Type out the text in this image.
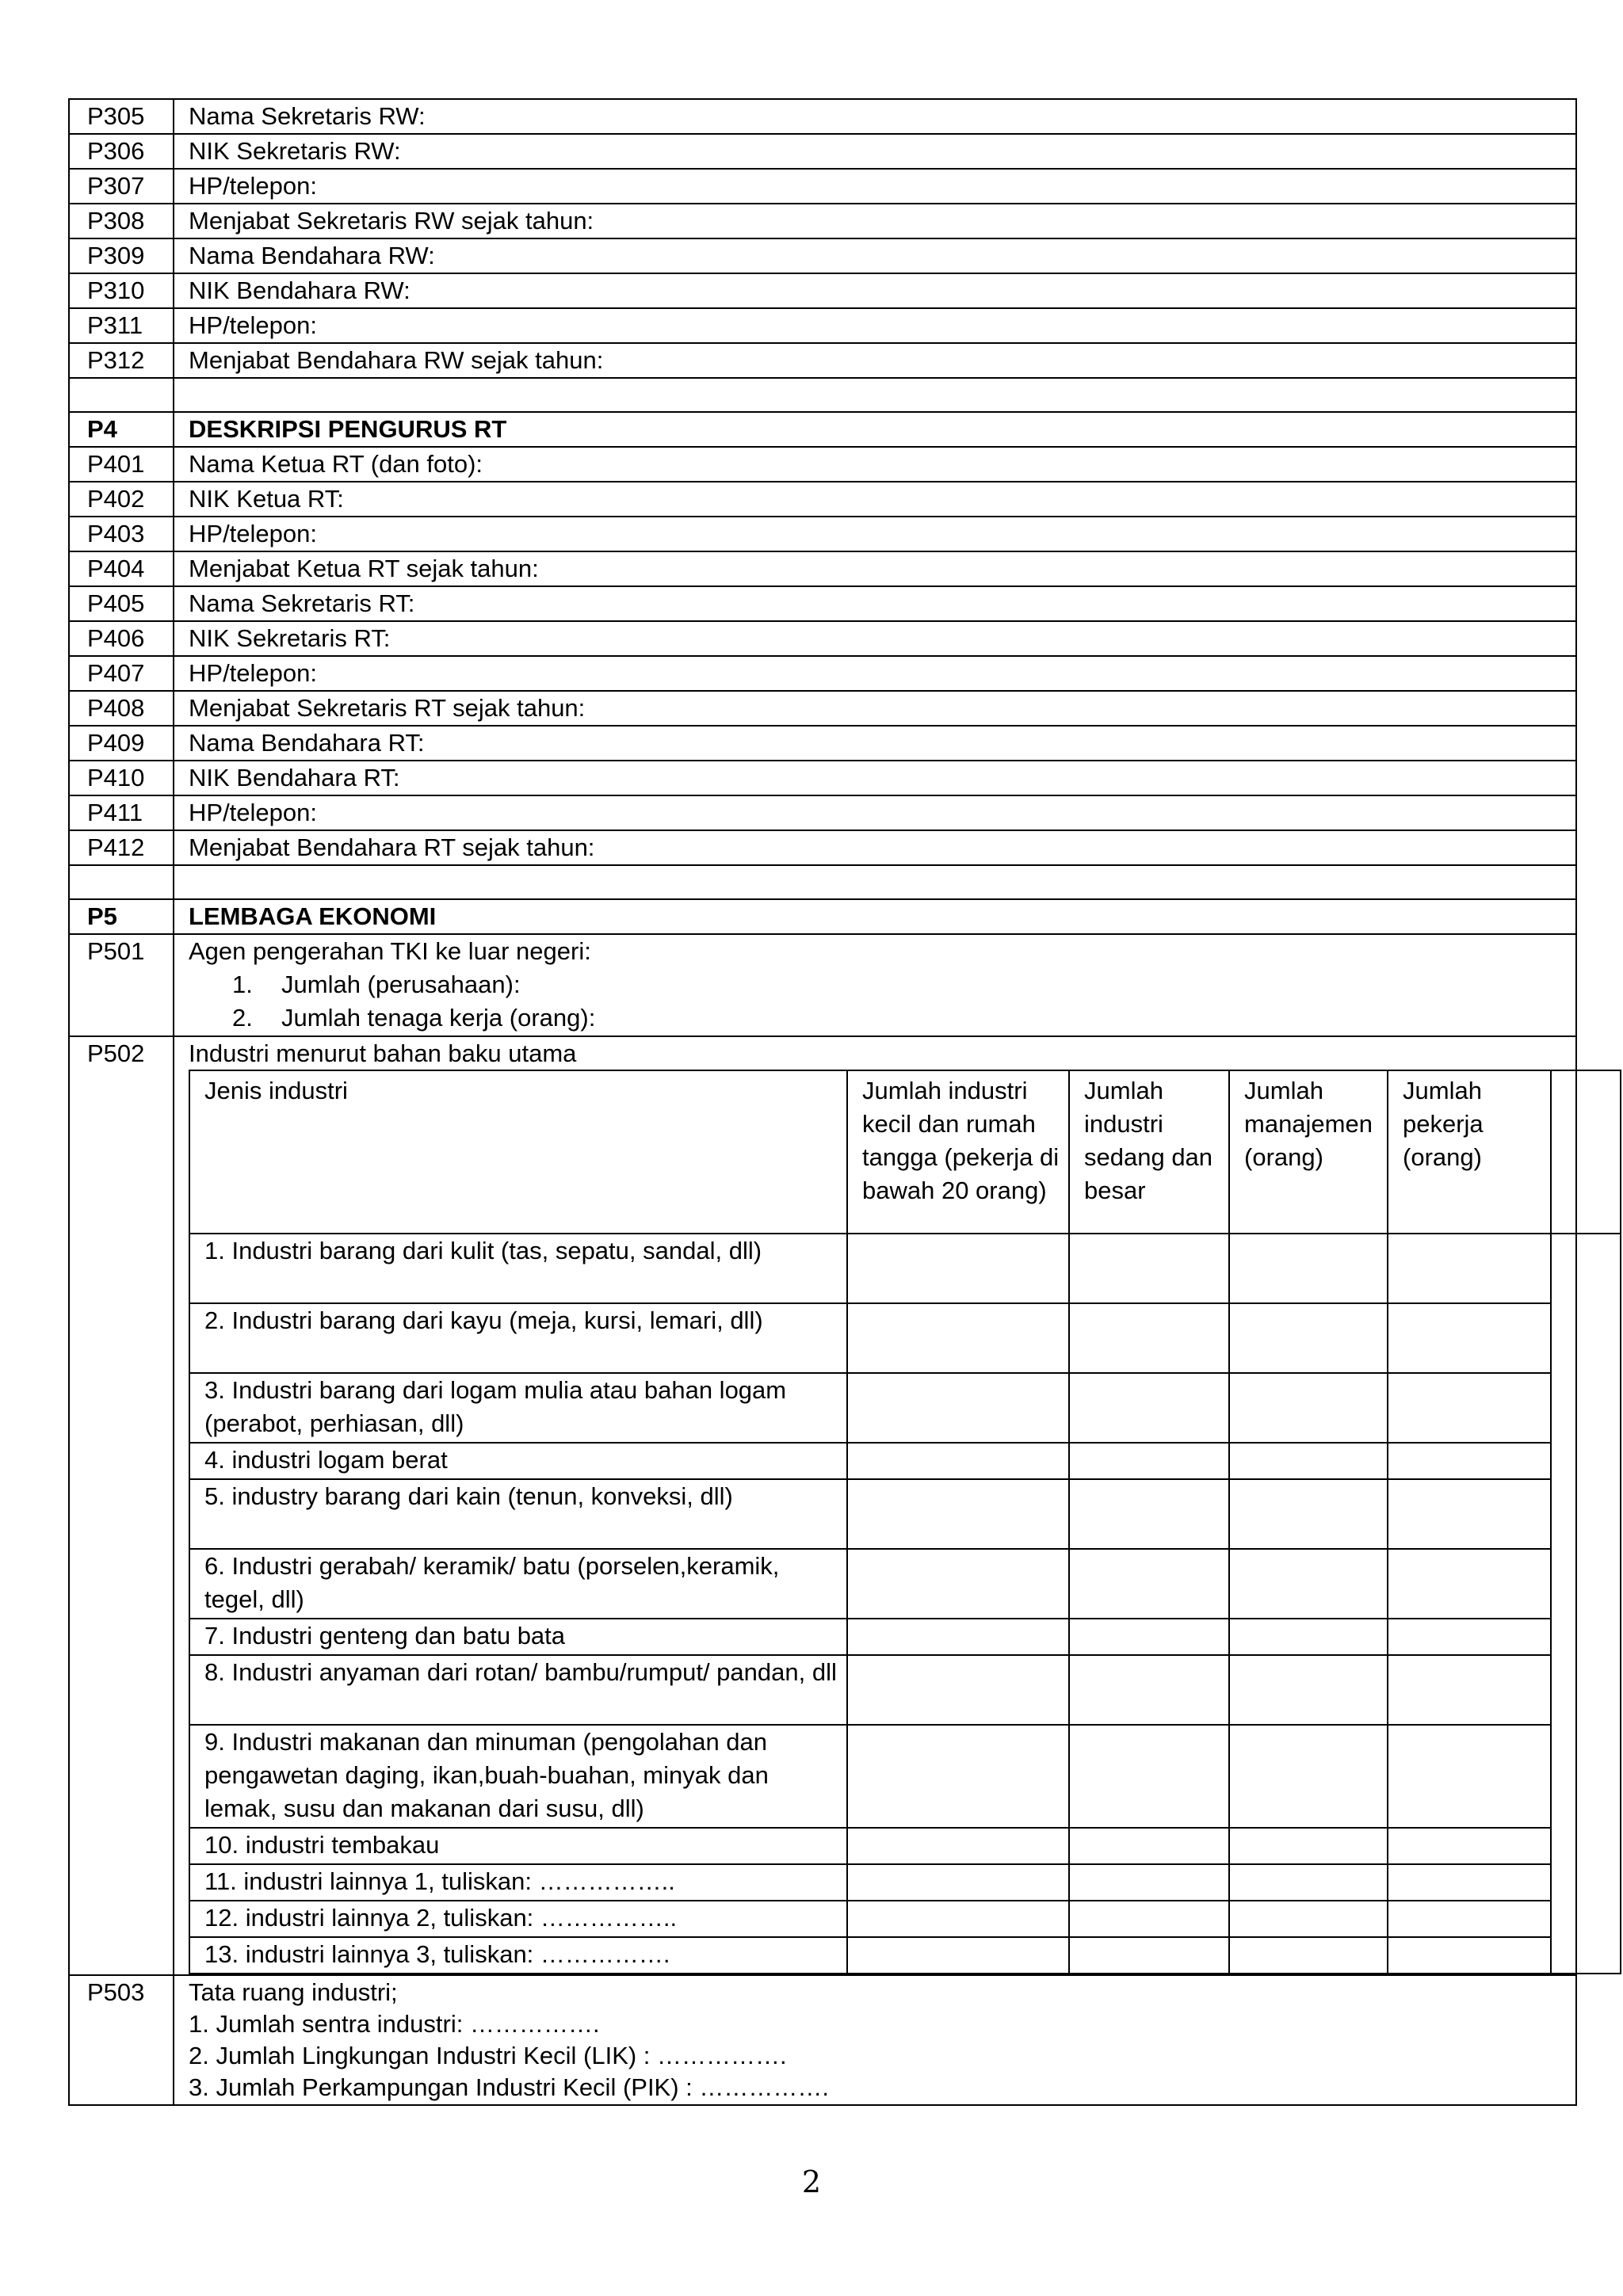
P305	Nama Sekretaris RW:
P306	NIK Sekretaris RW:
P307	HP/telepon:
P308	Menjabat Sekretaris RW sejak tahun:
P309	Nama Bendahara RW:
P310	NIK Bendahara RW:
P311	HP/telepon:
P312	Menjabat Bendahara RW sejak tahun:

P4	DESKRIPSI PENGURUS RT
P401	Nama Ketua RT (dan foto):
P402	NIK Ketua RT:
P403	HP/telepon:
P404	Menjabat Ketua RT sejak tahun:
P405	Nama Sekretaris RT:
P406	NIK Sekretaris RT:
P407	HP/telepon:
P408	Menjabat Sekretaris RT sejak tahun:
P409	Nama Bendahara RT:
P410	NIK Bendahara RT:
P411	HP/telepon:
P412	Menjabat Bendahara RT sejak tahun:

P5	LEMBAGA EKONOMI
P501	Agen pengerahan TKI ke luar negeri:
1.	Jumlah (perusahaan):
2.	Jumlah tenaga kerja (orang):

P502	Industri menurut bahan baku utama
Jenis industri	Jumlah industri kecil dan rumah tangga (pekerja di bawah 20 orang)	Jumlah industri sedang dan besar	Jumlah manajemen (orang)	Jumlah pekerja (orang)	
1. Industri barang dari kulit (tas, sepatu, sandal, dll)					
2. Industri barang dari kayu (meja, kursi, lemari, dll)					
3. Industri barang dari logam mulia atau bahan logam (perabot, perhiasan, dll)					
4. industri logam berat					
5. industry barang dari kain (tenun, konveksi, dll)					
6. Industri gerabah/ keramik/ batu (porselen,keramik, tegel, dll)					
7. Industri genteng dan batu bata					
8. Industri anyaman dari rotan/ bambu/rumput/ pandan, dll					
9. Industri makanan dan minuman (pengolahan dan pengawetan daging, ikan,buah-buahan, minyak dan lemak, susu dan makanan dari susu, dll)					
10. industri tembakau					
11. industri lainnya 1, tuliskan: ……………..					
12. industri lainnya 2, tuliskan: ……………..					
13. industri lainnya 3, tuliskan: …………….					

P503	Tata ruang industri;
1. Jumlah sentra industri: …………….
2. Jumlah Lingkungan Industri Kecil (LIK) : …………….
3. Jumlah Perkampungan Industri Kecil (PIK) : …………….
2
